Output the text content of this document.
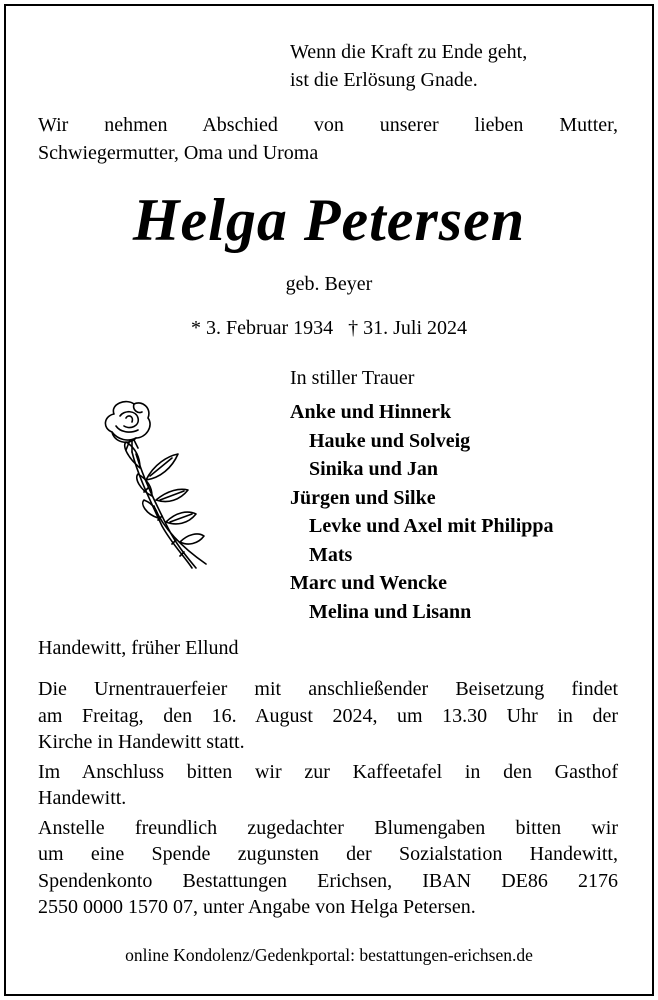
Wenn die Kraft zu Ende geht,
ist die Erlösung Gnade.
Wir nehmen Abschied von unserer lieben Mutter,
Schwiegermutter, Oma und Uroma
Helga Petersen
geb. Beyer
* 3. Februar 1934   † 31. Juli 2024
In stiller Trauer
Anke und Hinnerk
Hauke und Solveig
Sinika und Jan
Jürgen und Silke
Levke und Axel mit Philippa
Mats
Marc und Wencke
Melina und Lisann
Handewitt, früher Ellund

Die Urnentrauerfeier mit anschließender Beisetzung findet
am Freitag, den 16. August 2024, um 13.30 Uhr in der
Kirche in Handewitt statt.

Im Anschluss bitten wir zur Kaffeetafel in den Gasthof
Handewitt.

Anstelle freundlich zugedachter Blumengaben bitten wir
um eine Spende zugunsten der Sozialstation Handewitt,
Spendenkonto Bestattungen Erichsen, IBAN DE86 2176
2550 0000 1570 07, unter Angabe von Helga Petersen.

online Kondolenz/Gedenkportal: bestattungen-erichsen.de
